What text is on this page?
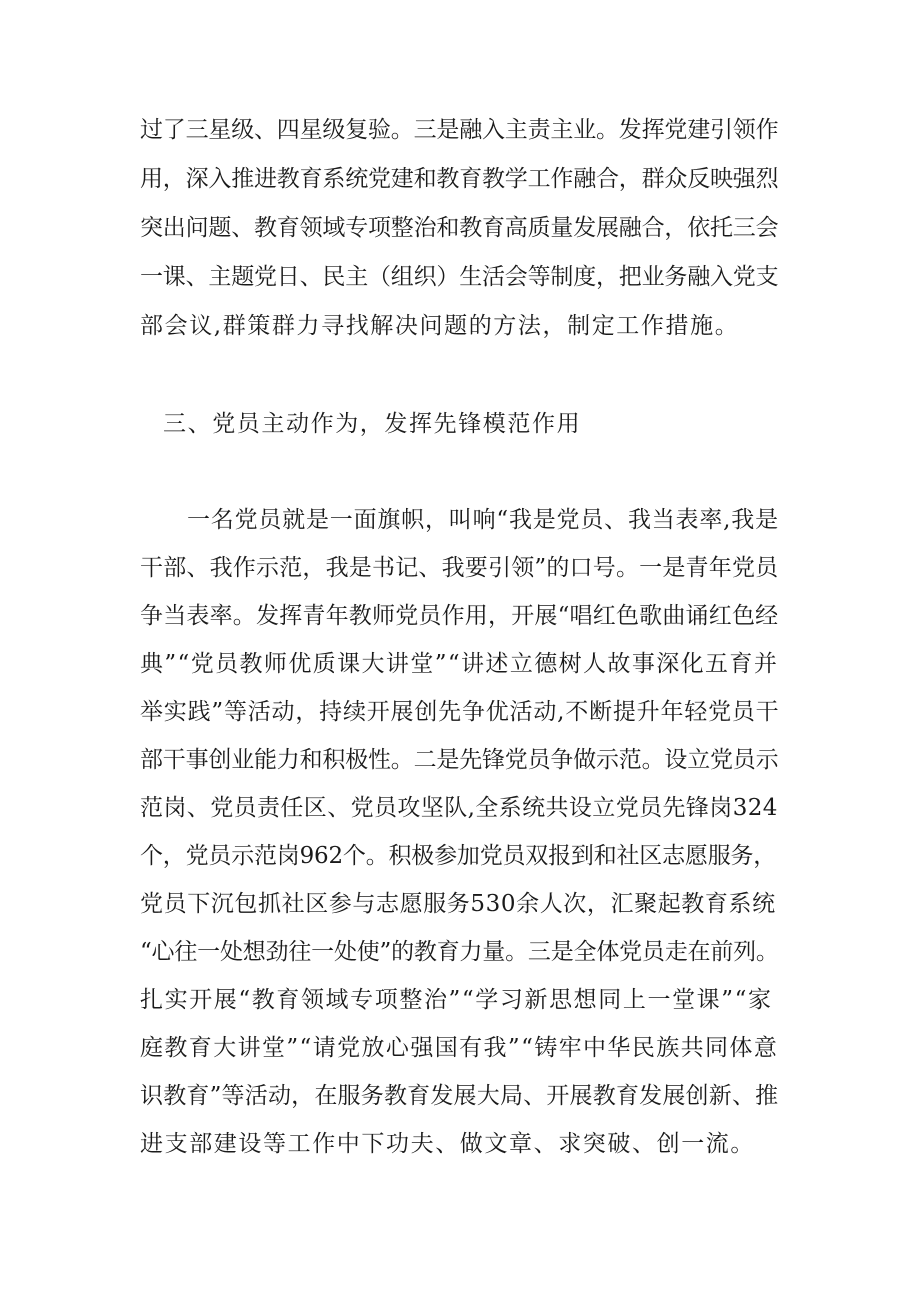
过了三星级、四星级复验。三是融入主责主业。发挥党建引领作
用，深入推进教育系统党建和教育教学工作融合，群众反映强烈
突出问题、教育领域专项整治和教育高质量发展融合，依托三会
一课、主题党日、民主（组织）生活会等制度，把业务融入党支
部会议,群策群力寻找解决问题的方法，制定工作措施。
三、党员主动作为，发挥先锋模范作用
一名党员就是一面旗帜，叫响“我是党员、我当表率,我是
干部、我作示范，我是书记、我要引领”的口号。一是青年党员
争当表率。发挥青年教师党员作用，开展“唱红色歌曲诵红色经
典”“党员教师优质课大讲堂”“讲述立德树人故事深化五育并
举实践”等活动，持续开展创先争优活动,不断提升年轻党员干
部干事创业能力和积极性。二是先锋党员争做示范。设立党员示
范岗、党员责任区、党员攻坚队,全系统共设立党员先锋岗324
个，党员示范岗962个。积极参加党员双报到和社区志愿服务，
党员下沉包抓社区参与志愿服务530余人次，汇聚起教育系统
“心往一处想劲往一处使”的教育力量。三是全体党员走在前列。
扎实开展“教育领域专项整治”“学习新思想同上一堂课”“家
庭教育大讲堂”“请党放心强国有我”“铸牢中华民族共同体意
识教育”等活动，在服务教育发展大局、开展教育发展创新、推
进支部建设等工作中下功夫、做文章、求突破、创一流。
